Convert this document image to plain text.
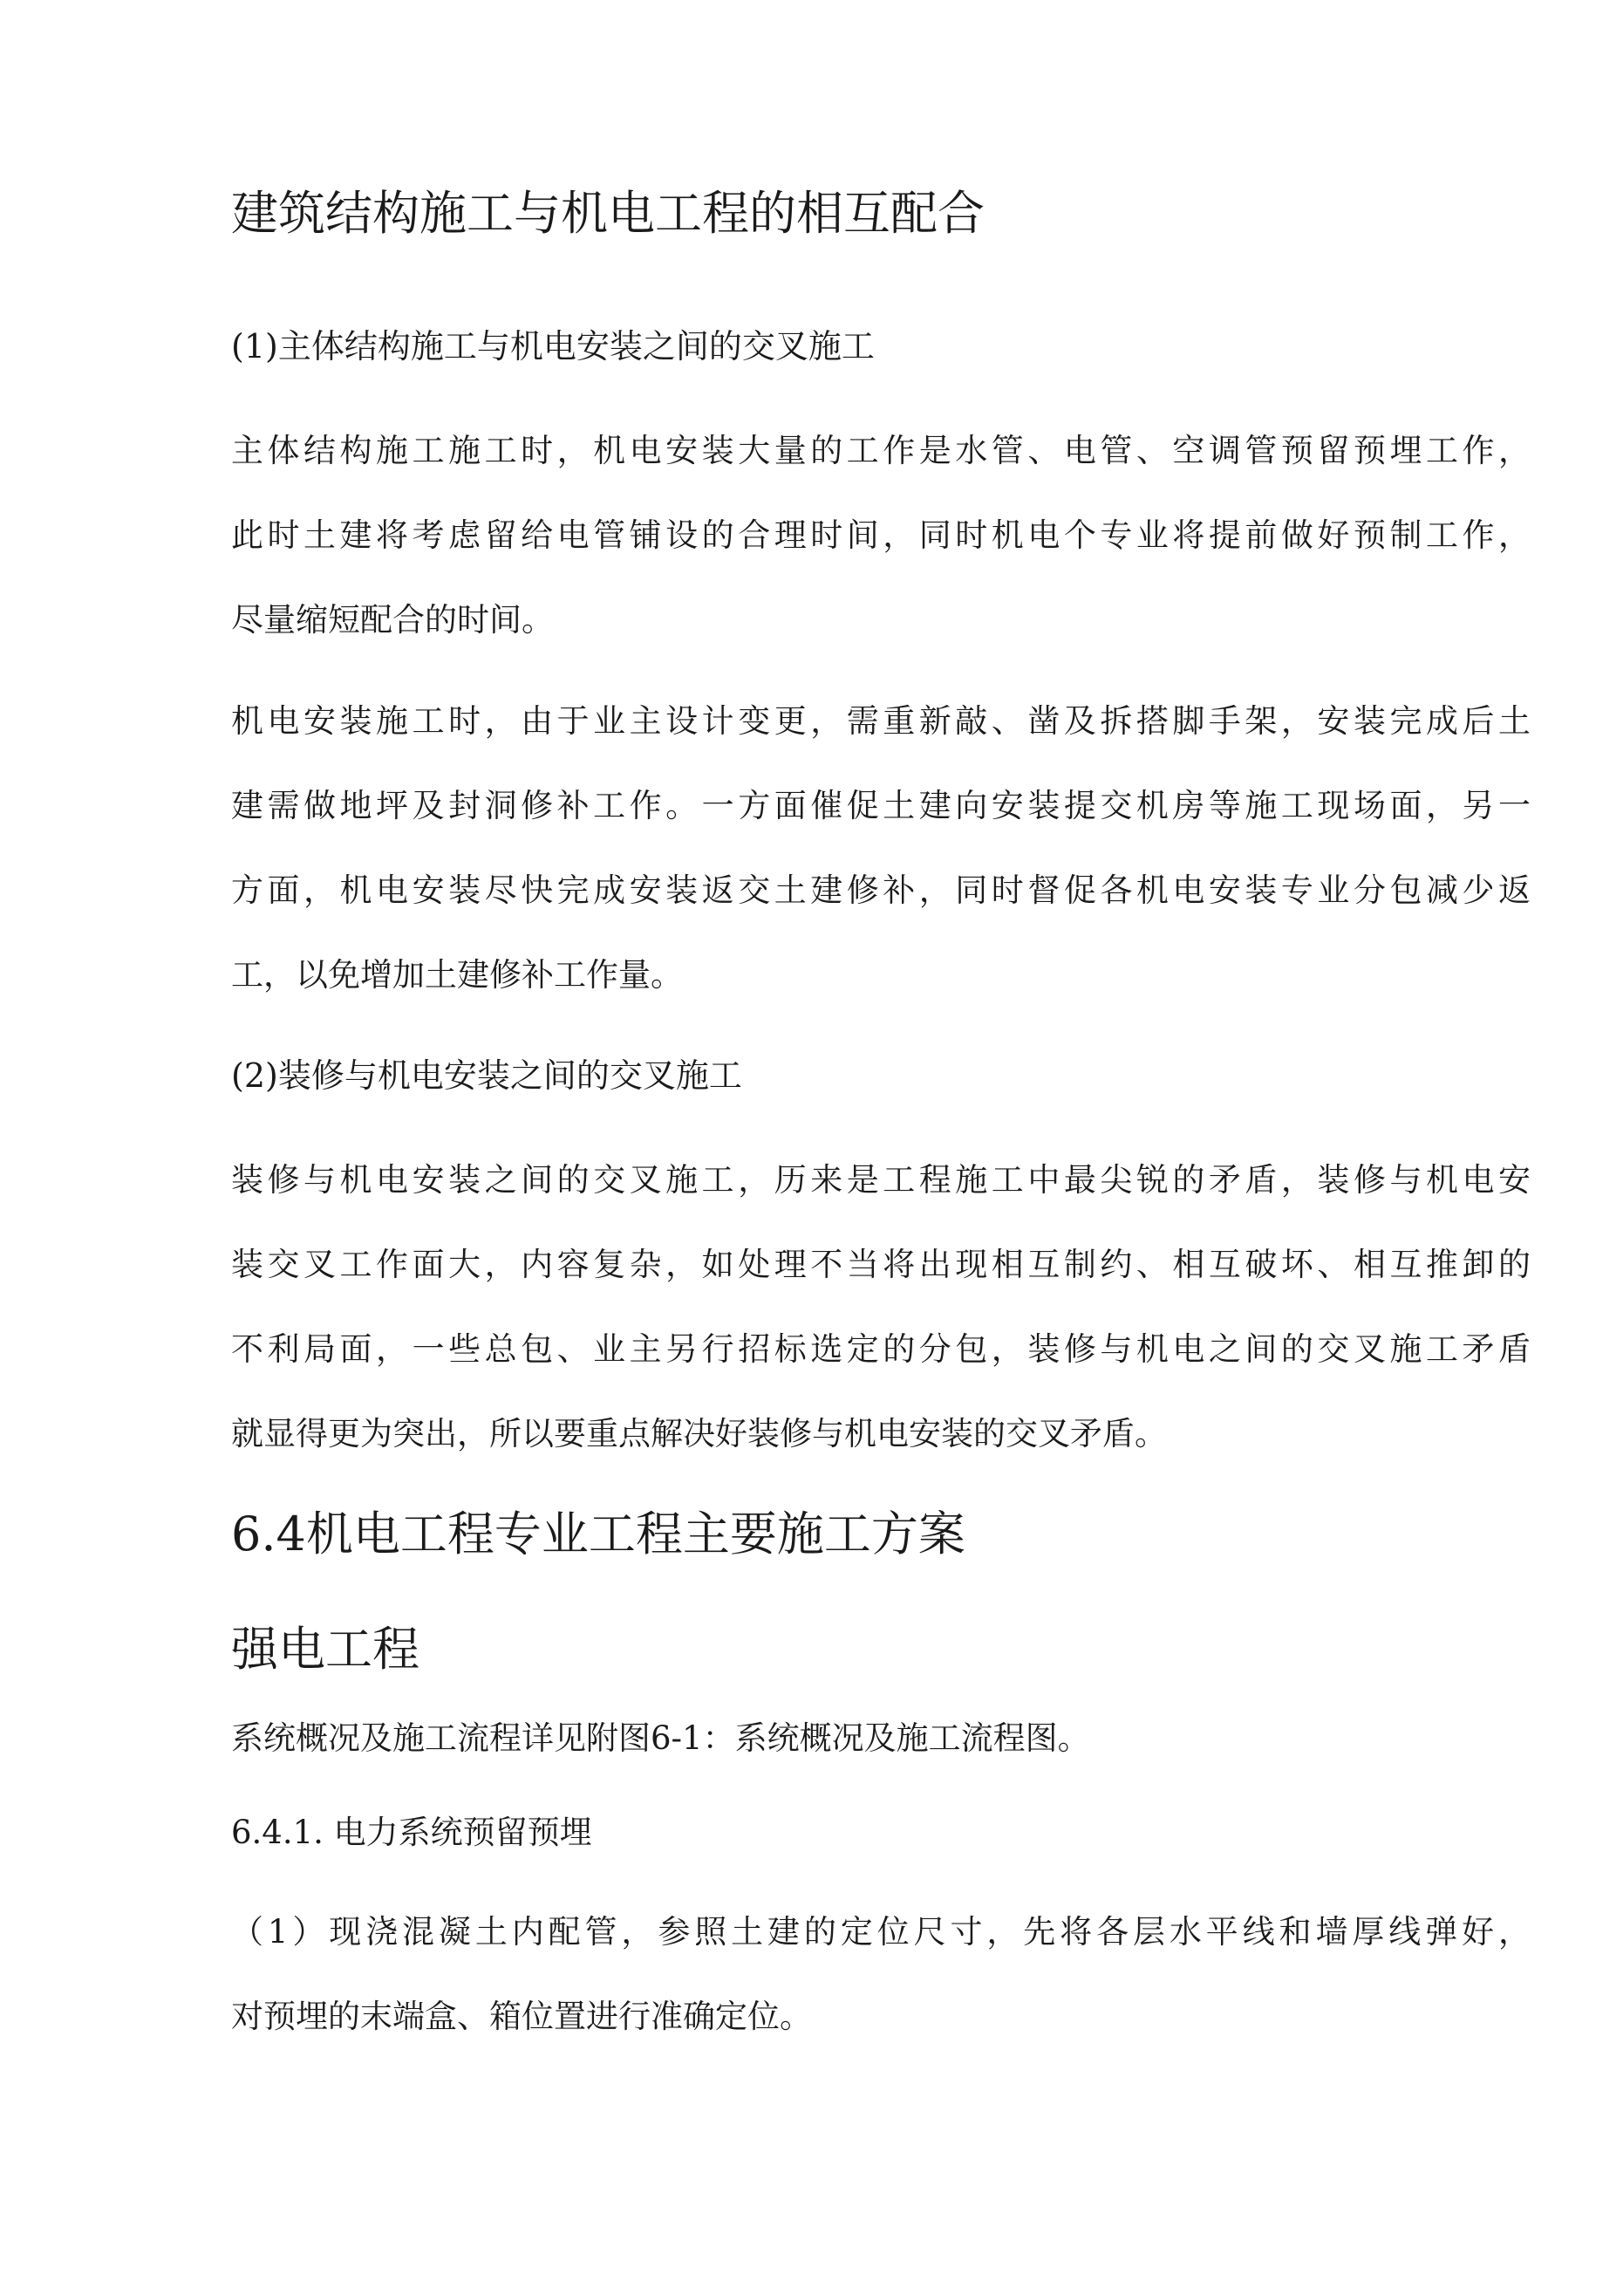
建筑结构施工与机电工程的相互配合
(1)主体结构施工与机电安装之间的交叉施工
主体结构施工施工时，机电安装大量的工作是水管、电管、空调管预留预埋工作，
此时土建将考虑留给电管铺设的合理时间，同时机电个专业将提前做好预制工作，
尽量缩短配合的时间。
机电安装施工时，由于业主设计变更，需重新敲、凿及拆搭脚手架，安装完成后土
建需做地坪及封洞修补工作。一方面催促土建向安装提交机房等施工现场面，另一
方面，机电安装尽快完成安装返交土建修补，同时督促各机电安装专业分包减少返
工，以免增加土建修补工作量。
(2)装修与机电安装之间的交叉施工
装修与机电安装之间的交叉施工，历来是工程施工中最尖锐的矛盾，装修与机电安
装交叉工作面大，内容复杂，如处理不当将出现相互制约、相互破坏、相互推卸的
不利局面，一些总包、业主另行招标选定的分包，装修与机电之间的交叉施工矛盾
就显得更为突出，所以要重点解决好装修与机电安装的交叉矛盾。
6.4机电工程专业工程主要施工方案
强电工程

系统概况及施工流程详见附图6-1：系统概况及施工流程图。

6.4.1. 电力系统预留预埋

（1）现浇混凝土内配管，参照土建的定位尺寸，先将各层水平线和墙厚线弹好，
对预埋的末端盒、箱位置进行准确定位。
